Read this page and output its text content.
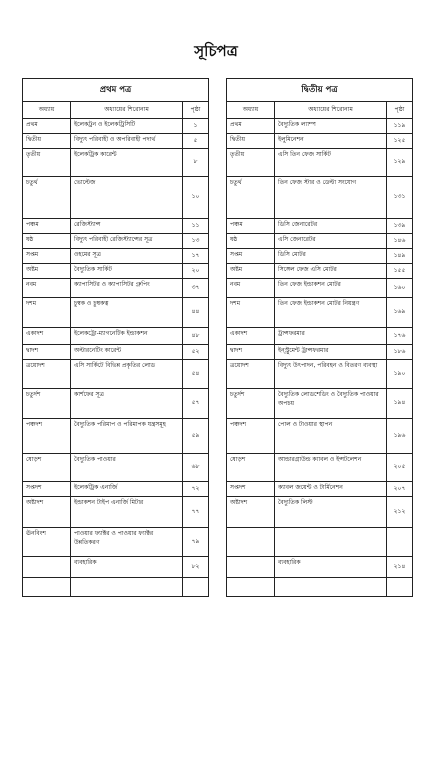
সূচিপত্র
প্রথম পত্র		
অধ্যায়	অধ্যায়ের শিরোনাম	পৃষ্ঠা
প্রথম	ইলেকট্রন ও ইলেকট্রিসিটি	১
দ্বিতীয়	বিদ্যুৎ পরিবাহী ও অপরিবাহী পদার্থ	৫
তৃতীয়	ইলেকট্রিক কারেন্ট	৮
চতুর্থ	ভোল্টেজ	১০
পঞ্চম	রেজিস্ট্যান্স	১১
ষষ্ঠ	বিদ্যুৎ পরিবাহী রেজিস্ট্যান্সের সূত্র	১৩
সপ্তম	ওহমের সূত্র	১৭
অষ্টম	বৈদ্যুতিক সার্কিট	২০
নবম	ক্যাপাসিটর ও ক্যাপাসিটর গ্রুপিং	৩৭
দশম	চুম্বক ও চুম্বকত্ব	৪৪
একাদশ	ইলেকট্রো-ম্যাগনেটিক ইন্ডাকশন	৪৮
দ্বাদশ	অল্টারনেটিং কারেন্ট	৫২
ত্রয়োদশ	এসি সার্কিটে বিভিন্ন প্রকৃতির লোড	৫৪
চতুর্দশ	কার্শফের সূত্র	৫৭
পঞ্চদশ	বৈদ্যুতিক পরিমাপ ও পরিমাপক যন্ত্রসমূহ	৫৯
ষোড়শ	বৈদ্যুতিক পাওয়ার	৬৮
সপ্তদশ	ইলেকট্রিক এনার্জি	৭২
অষ্টাদশ	ইন্ডাকশন টাইপ এনার্জি মিটার	৭৭
ঊনবিংশ	পাওয়ার ফ্যাক্টর ও পাওয়ার ফ্যাক্টর উন্নতিকরণ	৭৯
	ব্যবহারিক	৮২

দ্বিতীয় পত্র		
অধ্যায়	অধ্যায়ের শিরোনাম	পৃষ্ঠা
প্রথম	বৈদ্যুতিক ল্যাম্প	১১৯
দ্বিতীয়	ইলুমিনেশন	১২৫
তৃতীয়	এসি তিন ফেজ সার্কিট	১২৯
চতুর্থ	তিন ফেজ স্টার ও ডেল্টা সংযোগ	১৩১
পঞ্চম	ডিসি জেনারেটর	১৩৯
ষষ্ঠ	এসি জেনারেটর	১৪৬
সপ্তম	ডিসি মোটর	১৪৯
অষ্টম	সিঙ্গেল ফেজ এসি মোটর	১৫৫
নবম	তিন ফেজ ইন্ডাকশন মোটর	১৬০
দশম	তিন ফেজ ইন্ডাকশন মোটর নিয়ন্ত্রণ	১৬৯
একাদশ	ট্রান্সফরমার	১৭৬
দ্বাদশ	ইন্স্ট্রুমেন্ট ট্রান্সফরমার	১৮৬
ত্রয়োদশ	বিদ্যুৎ উৎপাদন, পরিবহন ও বিতরণ ব্যবস্থা	১৯০
চতুর্দশ	বৈদ্যুতিক লোডশেডিং ও বৈদ্যুতিক পাওয়ার অপচয়	১৯৪
পঞ্চদশ	পোল ও টাওয়ার স্থাপন	১৯৬
ষোড়শ	আন্ডারগ্রাউন্ড ক্যাবল ও ইন্সটলেশন	২০৫
সপ্তদশ	ক্যাবল জয়েন্ট ও টার্মিনেশন	২০৭
অষ্টাদশ	বৈদ্যুতিক লিস্ট	২১২

	ব্যবহারিক	২১৪
